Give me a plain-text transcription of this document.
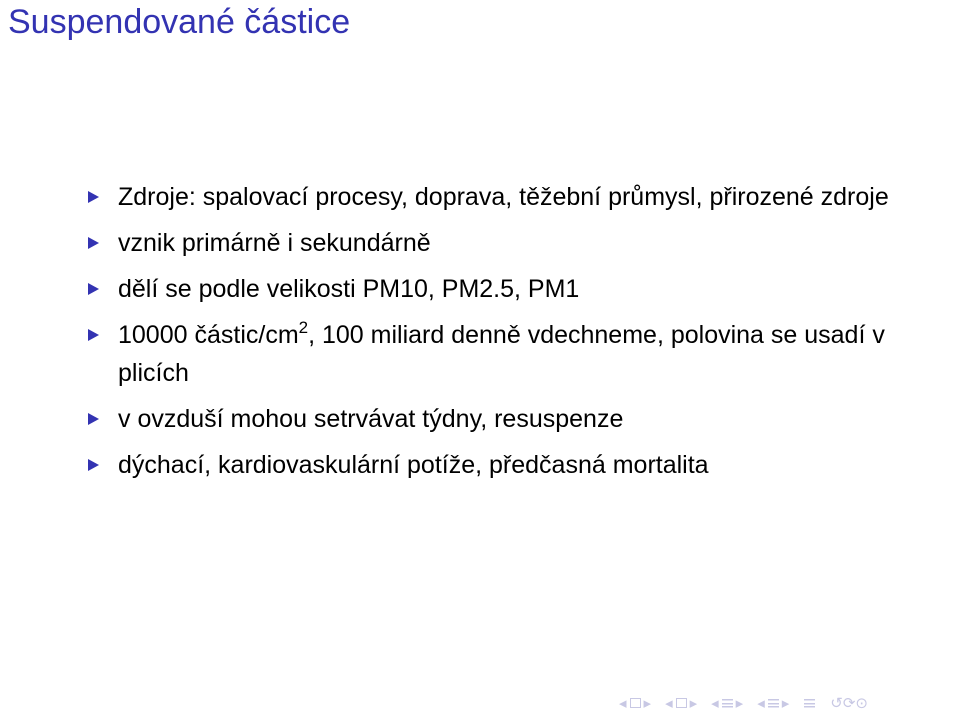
Suspendované částice
Zdroje: spalovací procesy, doprava, těžební průmysl, přirozené zdroje
vznik primárně i sekundárně
dělí se podle velikosti PM10, PM2.5, PM1
10000 částic/$cm^2$, 100 miliard denně vdechneme, polovina se usadí v plicích
v ovzduší mohou setrvávat týdny, resuspenze
dýchací, kardiovaskulární potíže, předčasná mortalita
◂ ▸ ◂ ▸ ◂ ▸ ◂ ▸	↺⟳⊙
